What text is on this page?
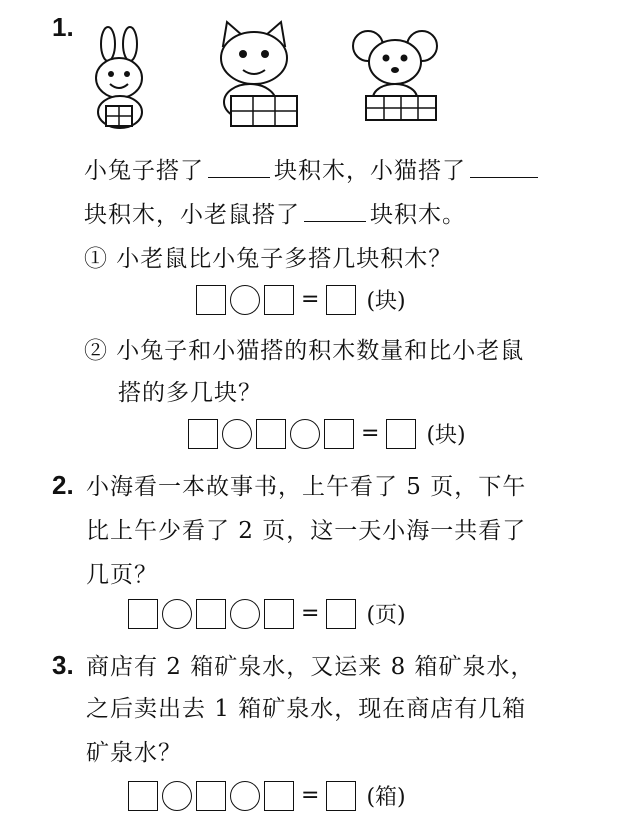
1.
小兔子搭了	块积木，小猫搭了
块积木，小老鼠搭了	块积木。
① 小老鼠比小兔子多搭几块积木？
= (块)
② 小兔子和小猫搭的积木数量和比小老鼠
搭的多几块？
= (块)
2. 小海看一本故事书，上午看了 5 页，下午
比上午少看了 2 页，这一天小海一共看了
几页？
= (页)
3. 商店有 2 箱矿泉水，又运来 8 箱矿泉水，
之后卖出去 1 箱矿泉水，现在商店有几箱
矿泉水？
= (箱)
